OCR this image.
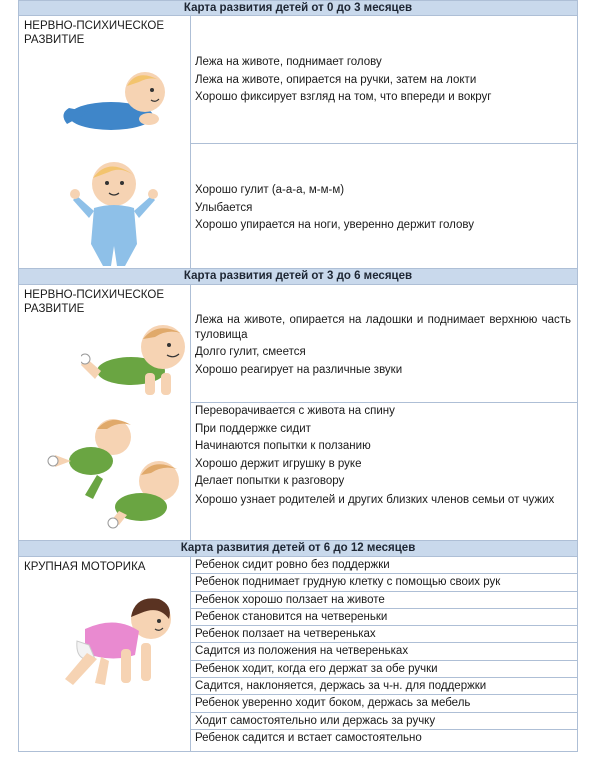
Карта развития детей от 0 до 3 месяцев
НЕРВНО-ПСИХИЧЕСКОЕ РАЗВИТИЕ
Лежа на животе, поднимает голову
Лежа на животе, опирается на ручки, затем на локти
Хорошо фиксирует взгляд на том, что впереди и вокруг
Хорошо гулит (а-а-а, м-м-м)
Улыбается
Хорошо упирается на ноги, уверенно держит голову
Карта развития детей от 3 до 6 месяцев
НЕРВНО-ПСИХИЧЕСКОЕ РАЗВИТИЕ
Лежа на животе, опирается на ладошки и поднимает верхнюю часть туловища
Долго гулит, смеется
Хорошо реагирует на различные звуки
Переворачивается с живота на спину
При поддержке сидит
Начинаются попытки к ползанию
Хорошо держит игрушку в руке
Делает попытки к разговору
Хорошо узнает родителей и других близких членов семьи от чужих
Карта развития детей от 6 до 12 месяцев
КРУПНАЯ МОТОРИКА	Ребенок сидит ровно без поддержки
Ребенок поднимает грудную клетку с помощью своих рук
Ребенок хорошо ползает на животе
Ребенок становится на четвереньки
Ребенок ползает на четвереньках
Садится из положения на четвереньках
Ребенок ходит, когда его держат за обе ручки
Садится, наклоняется, держась за ч-н. для поддержки
Ребенок уверенно ходит боком, держась за мебель
Ходит самостоятельно или держась за ручку
Ребенок садится и встает самостоятельно
